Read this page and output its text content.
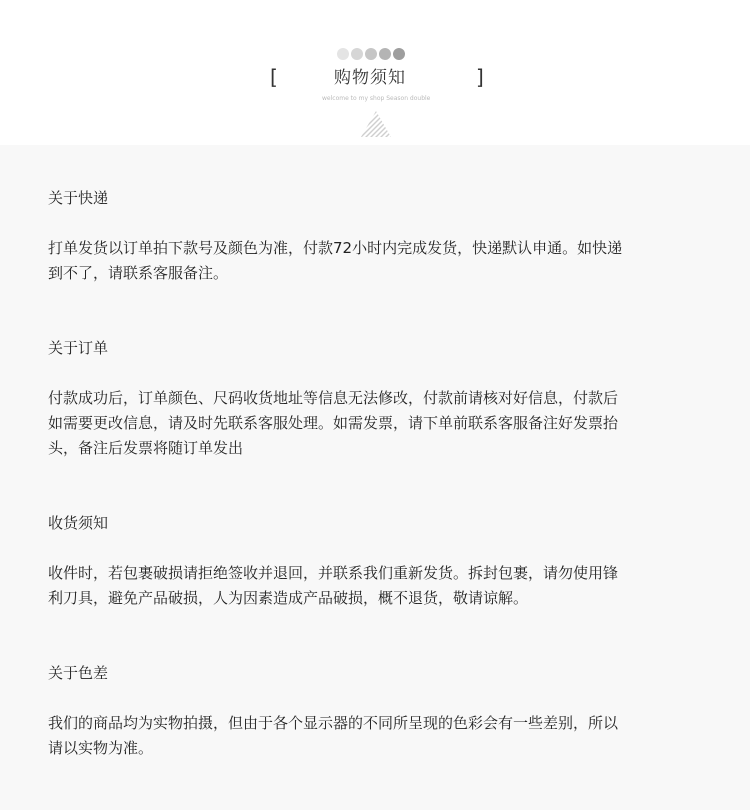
[	购物须知	]
welcome to my shop Season double
关于快递
打单发货以订单拍下款号及颜色为准，付款72小时内完成发货，快递默认申通。如快递
到不了，请联系客服备注。
关于订单
付款成功后，订单颜色、尺码收货地址等信息无法修改，付款前请核对好信息，付款后
如需要更改信息，请及时先联系客服处理。如需发票，请下单前联系客服备注好发票抬
头，备注后发票将随订单发出
收货须知
收件时，若包裹破损请拒绝签收并退回，并联系我们重新发货。拆封包裹，请勿使用锋
利刀具，避免产品破损，人为因素造成产品破损，概不退货，敬请谅解。
关于色差
我们的商品均为实物拍摄，但由于各个显示器的不同所呈现的色彩会有一些差别，所以
请以实物为准。
